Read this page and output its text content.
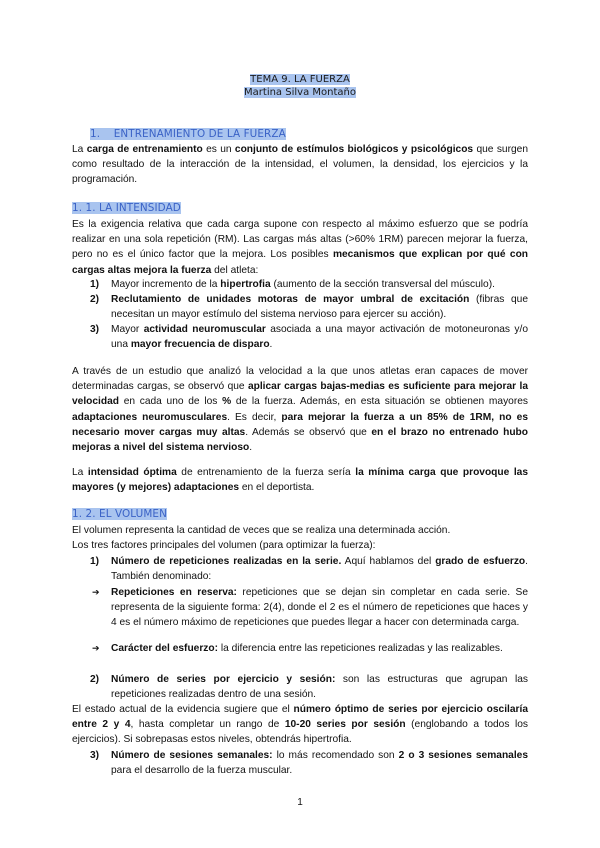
TEMA 9. LA FUERZA
Martina Silva Montaño
1.    ENTRENAMIENTO DE LA FUERZA

La carga de entrenamiento es un conjunto de estímulos biológicos y psicológicos que surgen como resultado de la interacción de la intensidad, el volumen, la densidad, los ejercicios y la programación.

1. 1. LA INTENSIDAD

Es la exigencia relativa que cada carga supone con respecto al máximo esfuerzo que se podría realizar en una sola repetición (RM). Las cargas más altas (>60% 1RM) parecen mejorar la fuerza, pero no es el único factor que la mejora. Los posibles mecanismos que explican por qué con cargas altas mejora la fuerza del atleta:

1) Mayor incremento de la hipertrofia (aumento de la sección transversal del músculo).

2) Reclutamiento de unidades motoras de mayor umbral de excitación (fibras que necesitan un mayor estímulo del sistema nervioso para ejercer su acción).

3) Mayor actividad neuromuscular asociada a una mayor activación de motoneuronas y/o una mayor frecuencia de disparo.

A través de un estudio que analizó la velocidad a la que unos atletas eran capaces de mover determinadas cargas, se observó que aplicar cargas bajas-medias es suficiente para mejorar la velocidad en cada uno de los % de la fuerza. Además, en esta situación se obtienen mayores adaptaciones neuromusculares. Es decir, para mejorar la fuerza a un 85% de 1RM, no es necesario mover cargas muy altas. Además se observó que en el brazo no entrenado hubo mejoras a nivel del sistema nervioso.

La intensidad óptima de entrenamiento de la fuerza sería la mínima carga que provoque las mayores (y mejores) adaptaciones en el deportista.

1. 2. EL VOLUMEN

El volumen representa la cantidad de veces que se realiza una determinada acción.

Los tres factores principales del volumen (para optimizar la fuerza):

1) Número de repeticiones realizadas en la serie. Aquí hablamos del grado de esfuerzo. También denominado:

➔ Repeticiones en reserva: repeticiones que se dejan sin completar en cada serie. Se representa de la siguiente forma: 2(4), donde el 2 es el número de repeticiones que haces y 4 es el número máximo de repeticiones que puedes llegar a hacer con determinada carga.

➔ Carácter del esfuerzo: la diferencia entre las repeticiones realizadas y las realizables.

2) Número de series por ejercicio y sesión: son las estructuras que agrupan las repeticiones realizadas dentro de una sesión.

El estado actual de la evidencia sugiere que el número óptimo de series por ejercicio oscilaría entre 2 y 4, hasta completar un rango de 10-20 series por sesión (englobando a todos los ejercicios). Si sobrepasas estos niveles, obtendrás hipertrofia.

3) Número de sesiones semanales: lo más recomendado son 2 o 3 sesiones semanales para el desarrollo de la fuerza muscular.

1
